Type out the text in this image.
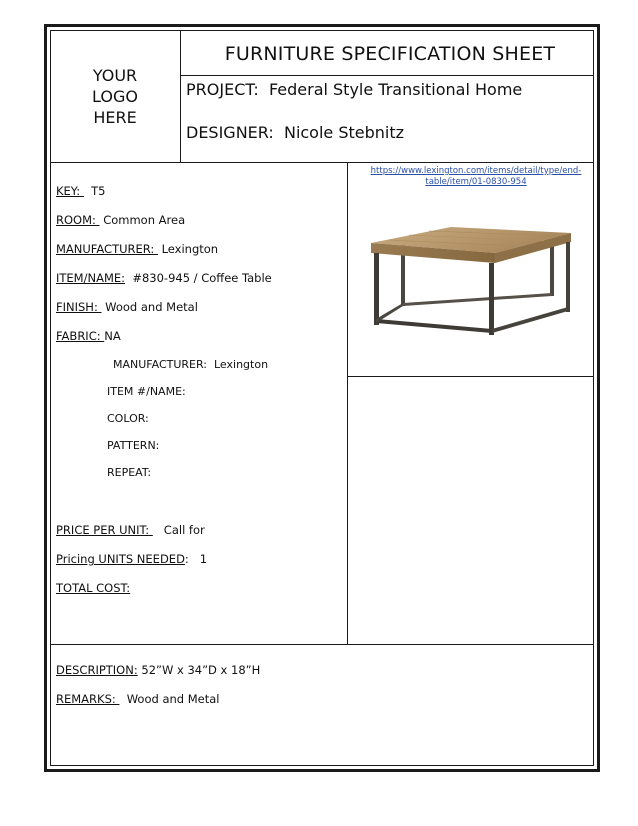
YOUR
LOGO
HERE
FURNITURE SPECIFICATION SHEET
PROJECT: Federal Style Transitional Home
DESIGNER: Nicole Stebnitz
KEY:   T5
ROOM:  Common Area
MANUFACTURER:  Lexington
ITEM/NAME: #830-945 / Coffee Table
FINISH:  Wood and Metal
FABRIC: NA
MANUFACTURER:  Lexington
ITEM #/NAME:
COLOR:
PATTERN:
REPEAT:
PRICE PER UNIT:    Call for
Pricing UNITS NEEDED:   1
TOTAL COST:
https://www.lexington.com/items/detail/type/end-
table/item/01-0830-954
DESCRIPTION: 52”W x 34”D x 18”H
REMARKS:   Wood and Metal
